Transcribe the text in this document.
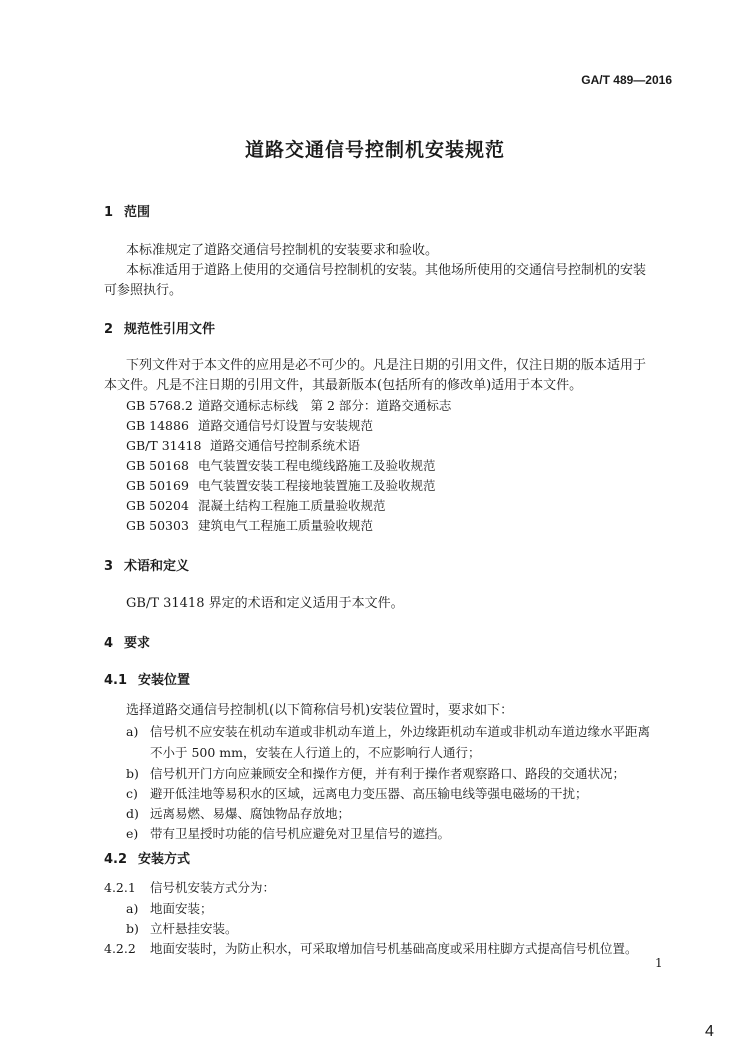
GA/T 489—2016
道路交通信号控制机安装规范
1 范围
本标准规定了道路交通信号控制机的安装要求和验收。
本标准适用于道路上使用的交通信号控制机的安装。其他场所使用的交通信号控制机的安装可参照执行。
2 规范性引用文件
下列文件对于本文件的应用是必不可少的。凡是注日期的引用文件，仅注日期的版本适用于本文件。凡是不注日期的引用文件，其最新版本(包括所有的修改单)适用于本文件。
GB 5768.2 道路交通标志标线　第 2 部分：道路交通标志
GB 14886 道路交通信号灯设置与安装规范
GB/T 31418 道路交通信号控制系统术语
GB 50168 电气装置安装工程电缆线路施工及验收规范
GB 50169 电气装置安装工程接地装置施工及验收规范
GB 50204 混凝土结构工程施工质量验收规范
GB 50303 建筑电气工程施工质量验收规范
3 术语和定义
GB/T 31418 界定的术语和定义适用于本文件。
4 要求
4.1 安装位置
选择道路交通信号控制机(以下简称信号机)安装位置时，要求如下：
a) 信号机不应安装在机动车道或非机动车道上，外边缘距机动车道或非机动车道边缘水平距离
不小于 500 mm，安装在人行道上的，不应影响行人通行；
b) 信号机开门方向应兼顾安全和操作方便，并有利于操作者观察路口、路段的交通状况；
c) 避开低洼地等易积水的区域，远离电力变压器、高压输电线等强电磁场的干扰；
d) 远离易燃、易爆、腐蚀物品存放地；
e) 带有卫星授时功能的信号机应避免对卫星信号的遮挡。
4.2 安装方式
4.2.1 信号机安装方式分为：
a) 地面安装；
b) 立杆悬挂安装。
4.2.2 地面安装时，为防止积水，可采取增加信号机基础高度或采用柱脚方式提高信号机位置。
1
4
